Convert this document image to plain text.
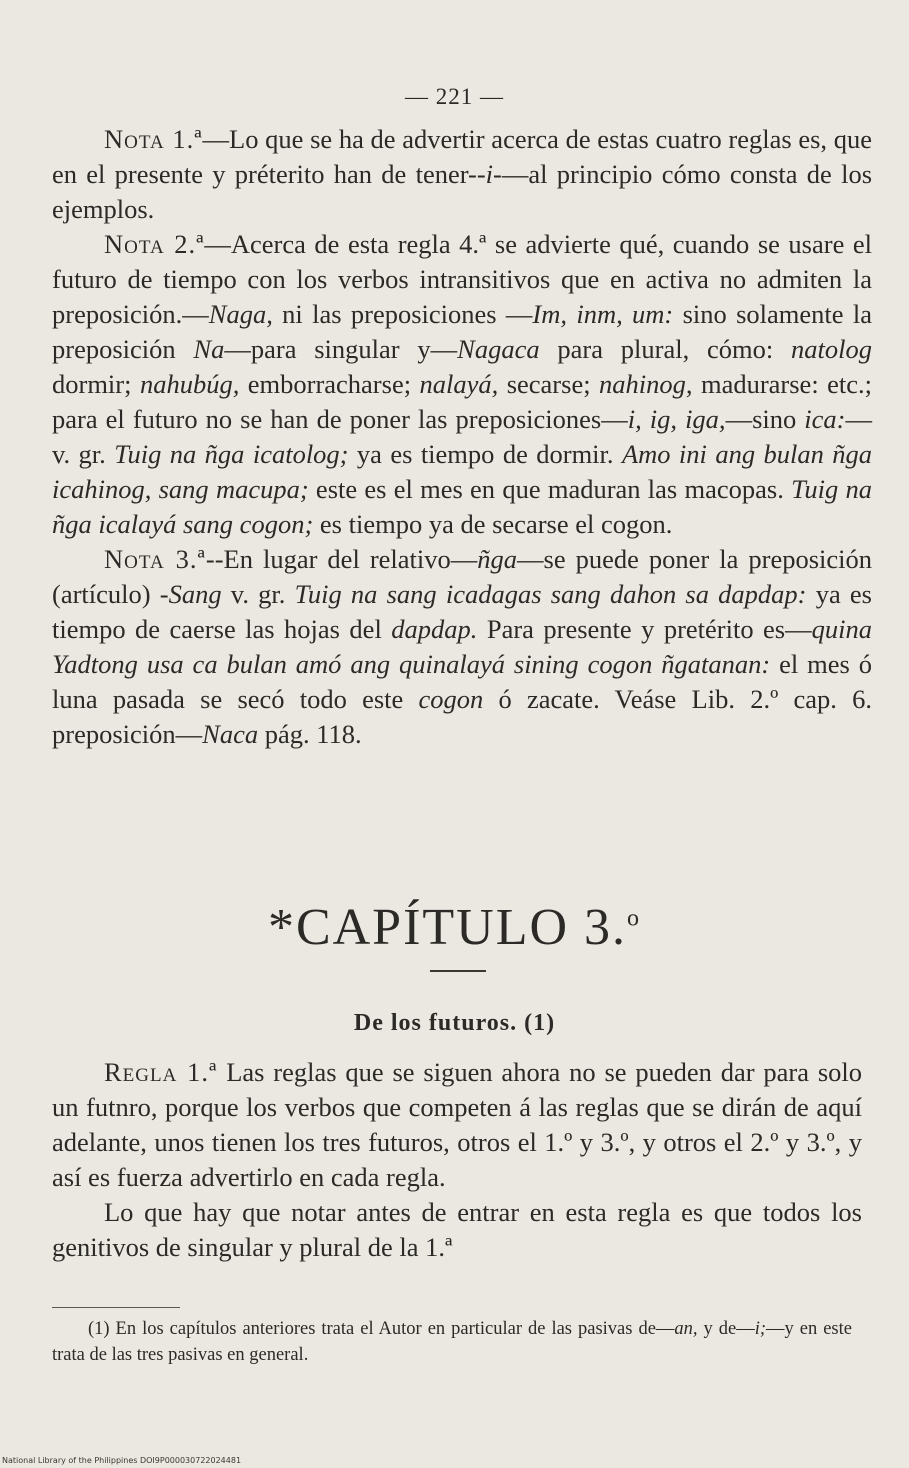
— 221 —

Nota 1.ª—Lo que se ha de advertir acerca de estas cuatro reglas es, que en el presente y préterito han de tener--i-—al principio cómo consta de los ejemplos.

Nota 2.ª—Acerca de esta regla 4.ª se advierte qué, cuando se usare el futuro de tiempo con los verbos intransitivos que en activa no admiten la preposición.—Naga, ni las preposiciones —Im, inm, um: sino solamente la preposición Na—para singular y—Nagaca para plural, cómo: natolog dormir; nahubúg, emborracharse; nalayá, secarse; nahinog, madurarse: etc.; para el futuro no se han de poner las preposiciones—i, ig, iga,—sino ica:—v. gr. Tuig na ñga icatolog; ya es tiempo de dormir. Amo ini ang bulan ñga icahinog, sang macupa; este es el mes en que maduran las macopas. Tuig na ñga icalayá sang cogon; es tiempo ya de secarse el cogon.

Nota 3.ª--En lugar del relativo—ñga—se puede poner la preposición (artículo) -Sang v. gr. Tuig na sang icadagas sang dahon sa dapdap: ya es tiempo de caerse las hojas del dapdap. Para presente y pretérito es—quina Yadtong usa ca bulan amó ang quinalayá sining cogon ñgatanan: el mes ó luna pasada se secó todo este cogon ó zacate. Veáse Lib. 2.º cap. 6. preposición—Naca pág. 118.

*CAPÍTULO 3.$^o$
De los futuros. (1)

Regla 1.ª Las reglas que se siguen ahora no se pueden dar para solo un futnro, porque los verbos que competen á las reglas que se dirán de aquí adelante, unos tienen los tres futuros, otros el 1.º y 3.º, y otros el 2.º y 3.º, y así es fuerza advertirlo en cada regla.

Lo que hay que notar antes de entrar en esta regla es que todos los genitivos de singular y plural de la 1.ª

(1) En los capítulos anteriores trata el Autor en particular de las pasivas de—an, y de—i;—y en este trata de las tres pasivas en general.
National Library of the Philippines DOI9P000030722024481
